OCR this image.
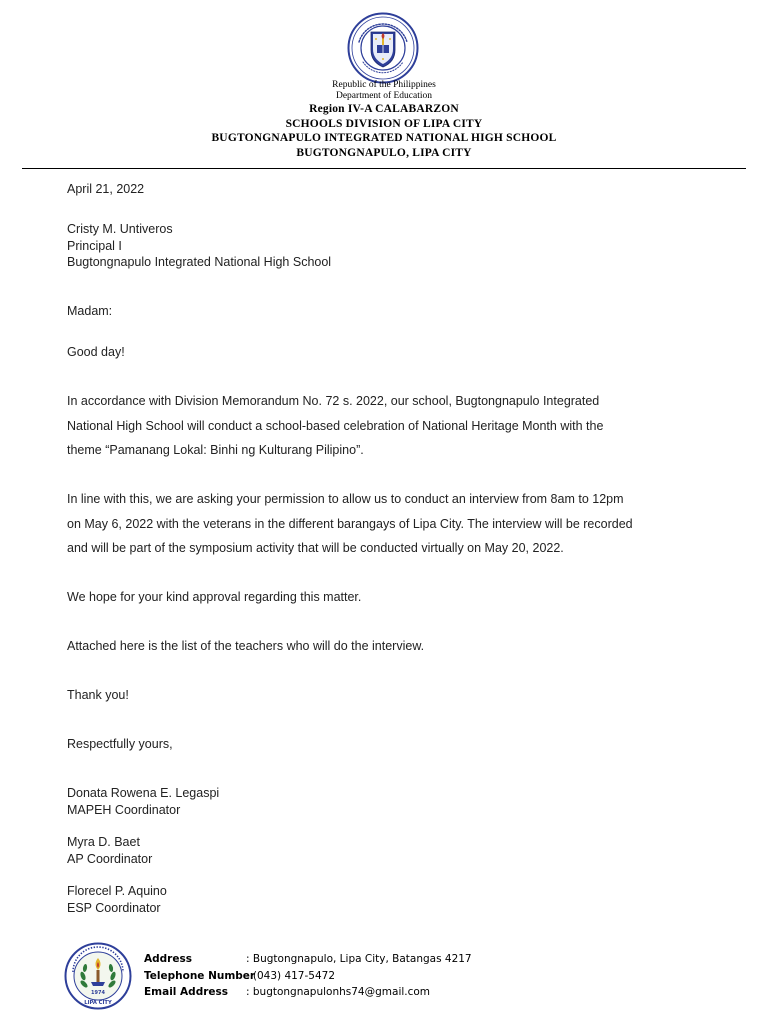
Republic of the Philippines
Department of Education
Region IV-A CALABARZON
SCHOOLS DIVISION OF LIPA CITY
BUGTONGNAPULO INTEGRATED NATIONAL HIGH SCHOOL
BUGTONGNAPULO, LIPA CITY
April 21, 2022
Cristy M. Untiveros
Principal I
Bugtongnapulo Integrated National High School
Madam:
Good day!
In accordance with Division Memorandum No. 72 s. 2022, our school, Bugtongnapulo Integrated
National High School will conduct a school-based celebration of National Heritage Month with the
theme “Pamanang Lokal: Binhi ng Kulturang Pilipino”.
In line with this, we are asking your permission to allow us to conduct an interview from 8am to 12pm
on May 6, 2022 with the veterans in the different barangays of Lipa City. The interview will be recorded
and will be part of the symposium activity that will be conducted virtually on May 20, 2022.
We hope for your kind approval regarding this matter.
Attached here is the list of the teachers who will do the interview.
Thank you!
Respectfully yours,
Donata Rowena E. Legaspi
MAPEH Coordinator
Myra D. Baet
AP Coordinator
Florecel P. Aquino
ESP Coordinator
1974
LIPA CITY
Address	: Bugtongnapulo, Lipa City, Batangas 4217
Telephone Number
: (043) 417-5472
Email Address : bugtongnapulonhs74@gmail.com
